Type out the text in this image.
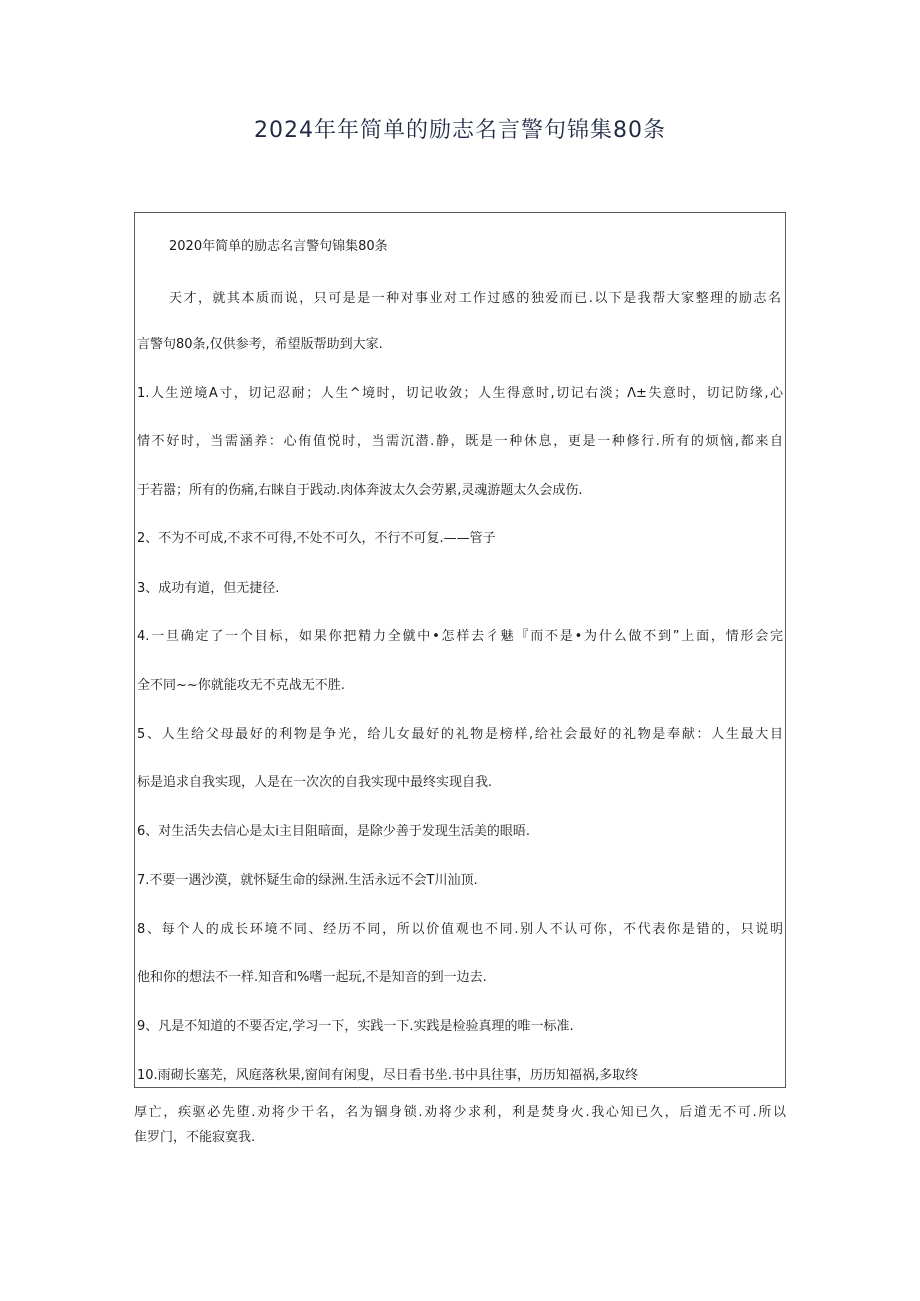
2024年年简单的励志名言警句锦集80条
2020年简单的励志名言警句锦集80条
天才，就其本质而说，只可是是一种对事业对工作过感的独爱而已.以下是我帮大家整理的励志名
言警句80条,仅供参考，希望版帮助到大家.
1.人生逆境A寸，切记忍耐；人生^境时，切记收敛；人生得意时,切记右淡；Λ±失意时，切记防缘,心
情不好时，当需涵养：心侑值悦时，当需沉潜.静，既是一种休息，更是一种修行.所有的烦恼,都来自
于若嚣；所有的伤痛,右睐自于践动.肉体奔波太久会劳累,灵魂游题太久会成伤.
2、不为不可成,不求不可得,不处不可久，不行不可复.——管子
3、成功有道，但无捷径.
4.一旦确定了一个目标，如果你把精力全僦中•怎样去彳魅『而不是•为什么做不到”上面，情形会完
全不同~~你就能攻无不克战无不胜.
5、人生给父母最好的利物是争光，给儿女最好的礼物是榜样,给社会最好的礼物是奉献：人生最大目
标是追求自我实现，人是在一次次的自我实现中最终实现自我.
6、对生活失去信心是太i主目阻暗面，是除少善于发现生活美的眼晤.
7.不要一遇沙漠，就怀疑生命的绿洲.生活永远不会T川汕顶.
8、每个人的成长环境不同、经历不同，所以价值观也不同.别人不认可你，不代表你是错的，只说明
他和你的想法不一样.知音和%嗜一起玩,不是知音的到一边去.
9、凡是不知道的不要否定,学习一下，实践一下.实践是检验真理的唯一标准.
10.雨砌长塞芜，风庭落秋果,窗间有闲叟，尽日看书坐.书中具往事，历历知福祸,多取终
厚亡，疾驱必先堕.劝将少干名，名为锢身锁.劝将少求利，利是焚身火.我心知已久，后道无不可.所以
隹罗门，不能寂寞我.
